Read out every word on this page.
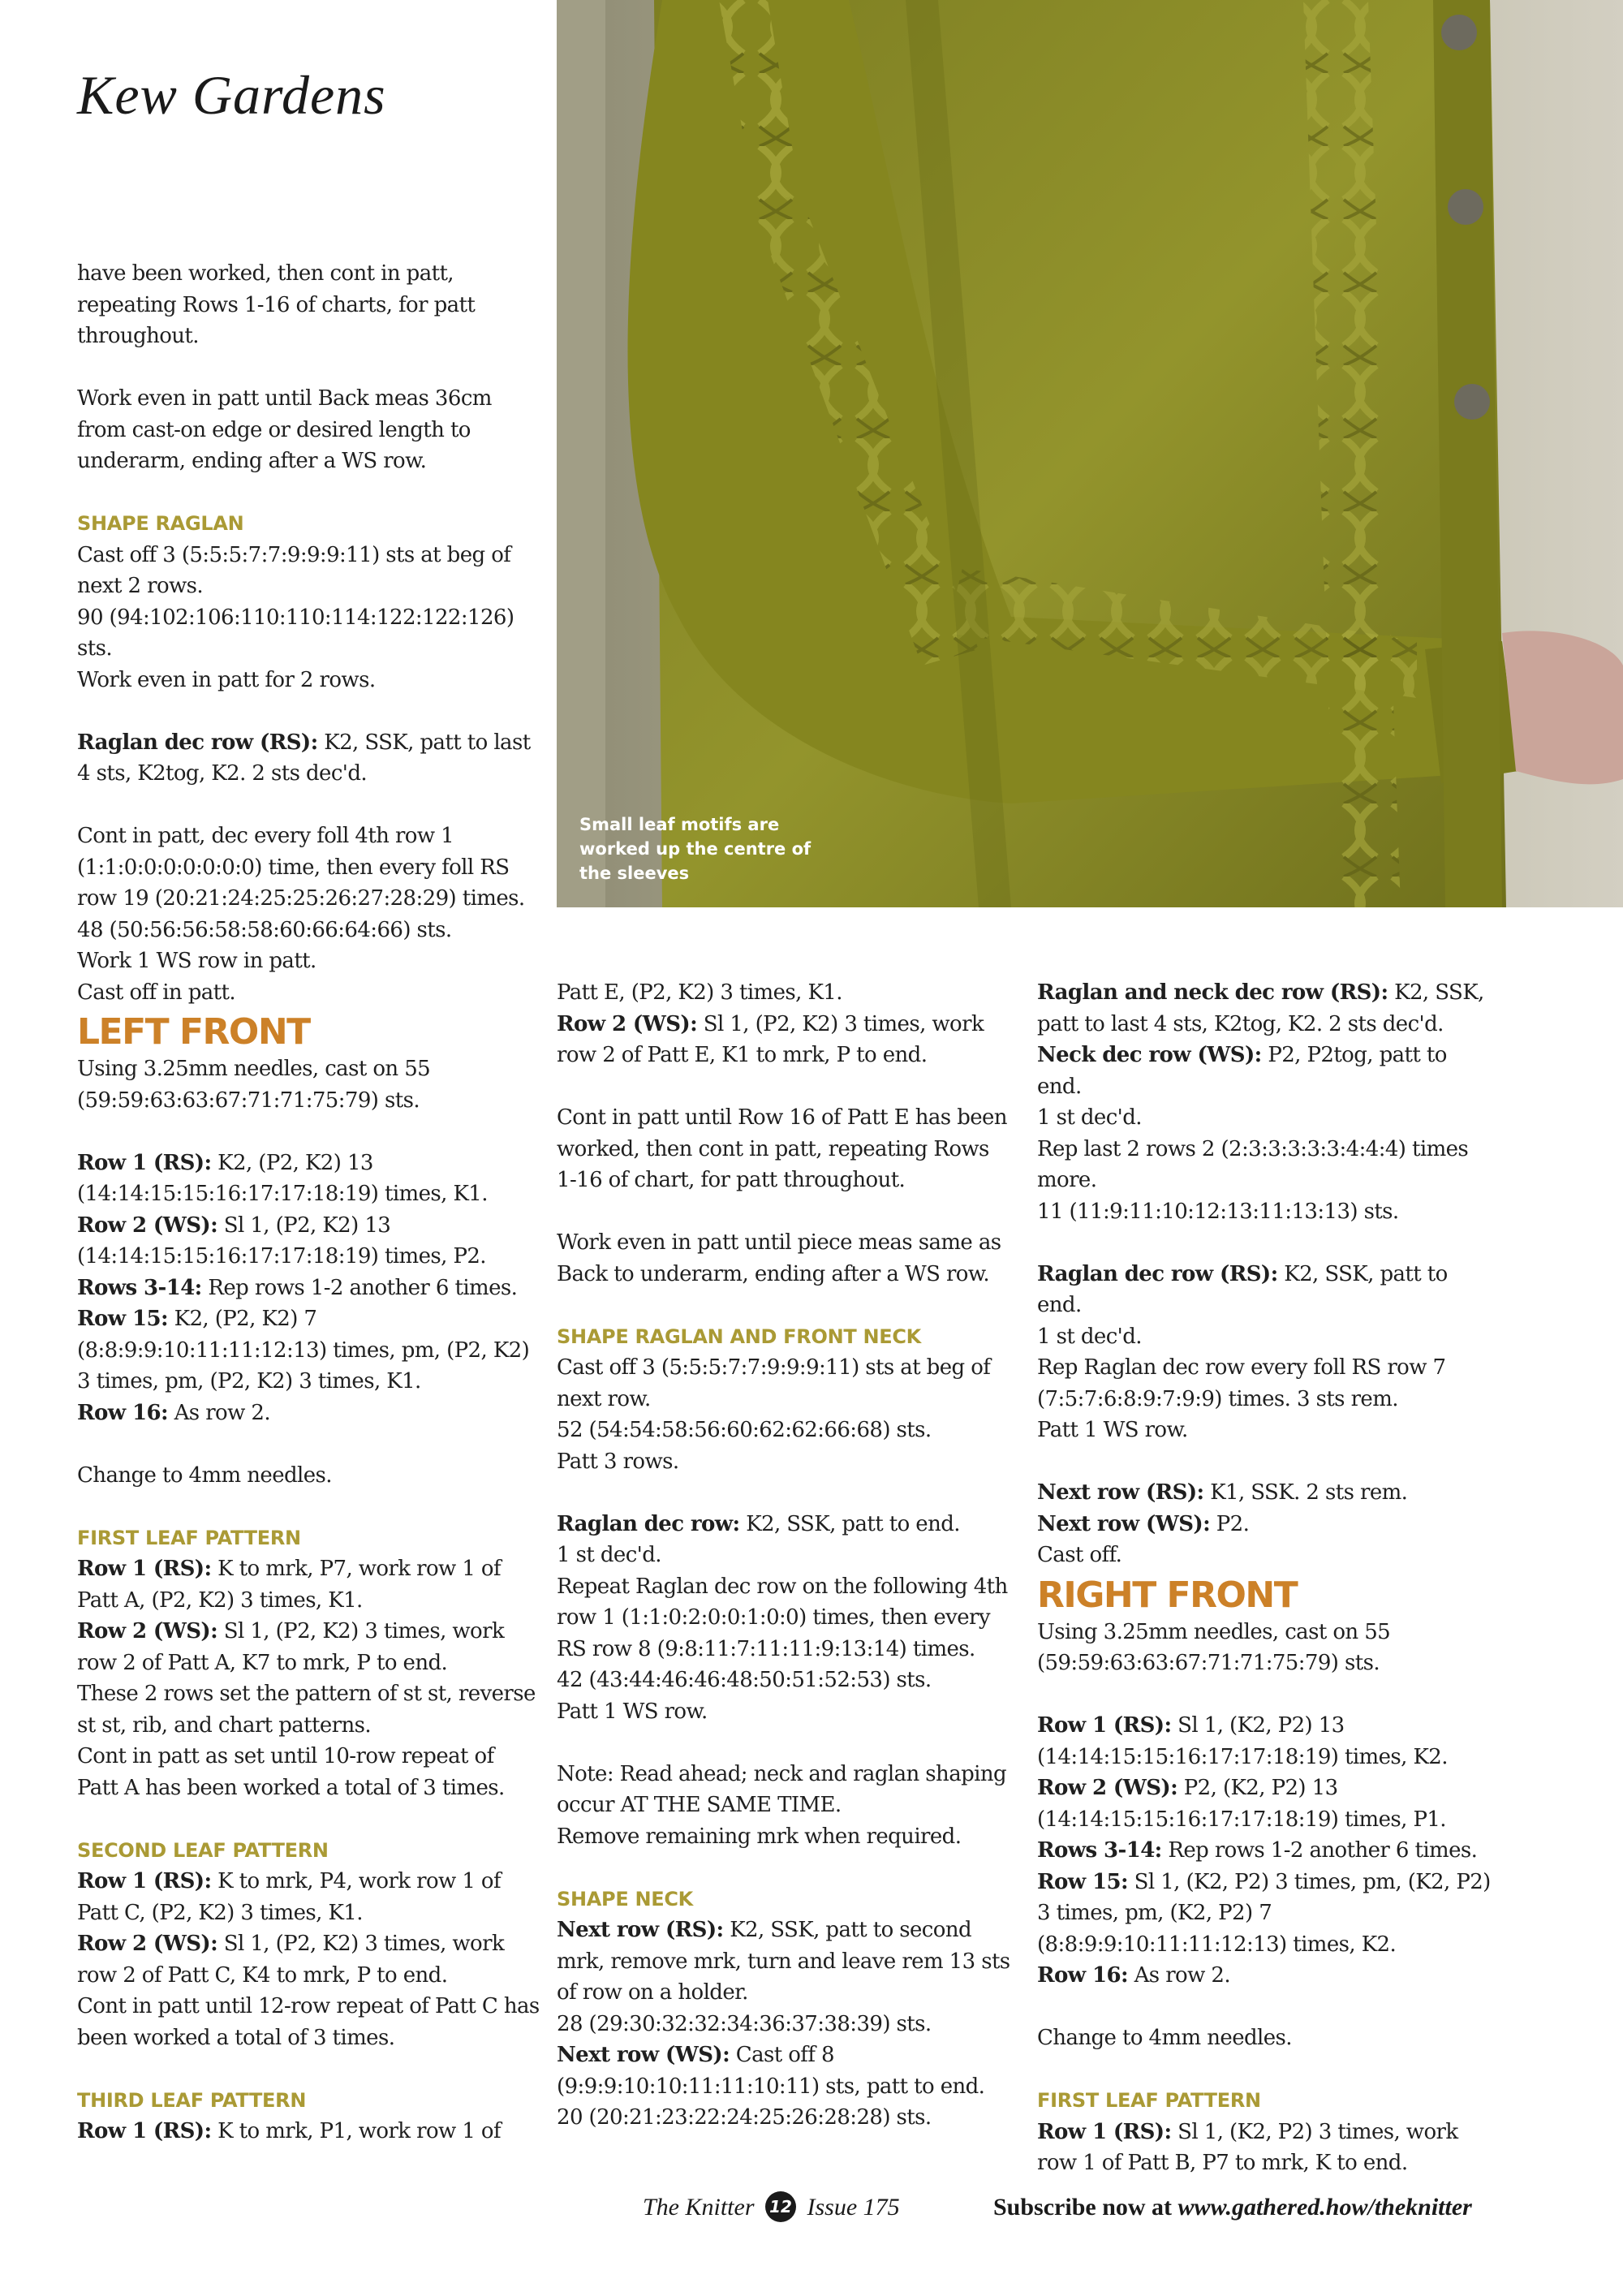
Kew Gardens
Small leaf motifs are worked up the centre of the sleeves
have been worked, then cont in patt, repeating Rows 1-16 of charts, for patt throughout.
Work even in patt until Back meas 36cm from cast-on edge or desired length to underarm, ending after a WS row.
SHAPE RAGLAN
Cast off 3 (5:5:5:7:7:9:9:9:11) sts at beg of next 2 rows.
90 (94:102:106:110:110:114:122:122:126) sts.
Work even in patt for 2 rows.
Raglan dec row (RS): K2, SSK, patt to last 4 sts, K2tog, K2. 2 sts dec'd.
Cont in patt, dec every foll 4th row 1 (1:1:0:0:0:0:0:0:0) time, then every foll RS row 19 (20:21:24:25:25:26:27:28:29) times.
48 (50:56:56:58:58:60:66:64:66) sts.
Work 1 WS row in patt.
Cast off in patt.
LEFT FRONT
Using 3.25mm needles, cast on 55 (59:59:63:63:67:71:71:75:79) sts.
Row 1 (RS): K2, (P2, K2) 13 (14:14:15:15:16:17:17:18:19) times, K1.
Row 2 (WS): Sl 1, (P2, K2) 13 (14:14:15:15:16:17:17:18:19) times, P2.
Rows 3-14: Rep rows 1-2 another 6 times.
Row 15: K2, (P2, K2) 7 (8:8:9:9:10:11:11:12:13) times, pm, (P2, K2) 3 times, pm, (P2, K2) 3 times, K1.
Row 16: As row 2.
Change to 4mm needles.
FIRST LEAF PATTERN
Row 1 (RS): K to mrk, P7, work row 1 of Patt A, (P2, K2) 3 times, K1.
Row 2 (WS): Sl 1, (P2, K2) 3 times, work row 2 of Patt A, K7 to mrk, P to end.
These 2 rows set the pattern of st st, reverse st st, rib, and chart patterns.
Cont in patt as set until 10-row repeat of Patt A has been worked a total of 3 times.
SECOND LEAF PATTERN
Row 1 (RS): K to mrk, P4, work row 1 of Patt C, (P2, K2) 3 times, K1.
Row 2 (WS): Sl 1, (P2, K2) 3 times, work row 2 of Patt C, K4 to mrk, P to end.
Cont in patt until 12-row repeat of Patt C has been worked a total of 3 times.
THIRD LEAF PATTERN
Row 1 (RS): K to mrk, P1, work row 1 of
Patt E, (P2, K2) 3 times, K1.
Row 2 (WS): Sl 1, (P2, K2) 3 times, work row 2 of Patt E, K1 to mrk, P to end.
Cont in patt until Row 16 of Patt E has been worked, then cont in patt, repeating Rows 1-16 of chart, for patt throughout.
Work even in patt until piece meas same as Back to underarm, ending after a WS row.
SHAPE RAGLAN AND FRONT NECK
Cast off 3 (5:5:5:7:7:9:9:9:11) sts at beg of next row.
52 (54:54:58:56:60:62:62:66:68) sts.
Patt 3 rows.
Raglan dec row: K2, SSK, patt to end.
1 st dec'd.
Repeat Raglan dec row on the following 4th row 1 (1:1:0:2:0:0:1:0:0) times, then every RS row 8 (9:8:11:7:11:11:9:13:14) times.
42 (43:44:46:46:48:50:51:52:53) sts.
Patt 1 WS row.
Note: Read ahead; neck and raglan shaping occur AT THE SAME TIME.
Remove remaining mrk when required.
SHAPE NECK
Next row (RS): K2, SSK, patt to second mrk, remove mrk, turn and leave rem 13 sts of row on a holder.
28 (29:30:32:32:34:36:37:38:39) sts.
Next row (WS): Cast off 8 (9:9:9:10:10:11:11:10:11) sts, patt to end.
20 (20:21:23:22:24:25:26:28:28) sts.
Raglan and neck dec row (RS): K2, SSK, patt to last 4 sts, K2tog, K2. 2 sts dec'd.
Neck dec row (WS): P2, P2tog, patt to end.
1 st dec'd.
Rep last 2 rows 2 (2:3:3:3:3:3:4:4:4) times more.
11 (11:9:11:10:12:13:11:13:13) sts.
Raglan dec row (RS): K2, SSK, patt to end.
1 st dec'd.
Rep Raglan dec row every foll RS row 7 (7:5:7:6:8:9:7:9:9) times. 3 sts rem.
Patt 1 WS row.
Next row (RS): K1, SSK. 2 sts rem.
Next row (WS): P2.
Cast off.
RIGHT FRONT
Using 3.25mm needles, cast on 55 (59:59:63:63:67:71:71:75:79) sts.
Row 1 (RS): Sl 1, (K2, P2) 13 (14:14:15:15:16:17:17:18:19) times, K2.
Row 2 (WS): P2, (K2, P2) 13 (14:14:15:15:16:17:17:18:19) times, P1.
Rows 3-14: Rep rows 1-2 another 6 times.
Row 15: Sl 1, (K2, P2) 3 times, pm, (K2, P2) 3 times, pm, (K2, P2) 7 (8:8:9:9:10:11:11:12:13) times, K2.
Row 16: As row 2.
Change to 4mm needles.
FIRST LEAF PATTERN
Row 1 (RS): Sl 1, (K2, P2) 3 times, work row 1 of Patt B, P7 to mrk, K to end.
The Knitter 12 Issue 175	Subscribe now at www.gathered.how/theknitter
